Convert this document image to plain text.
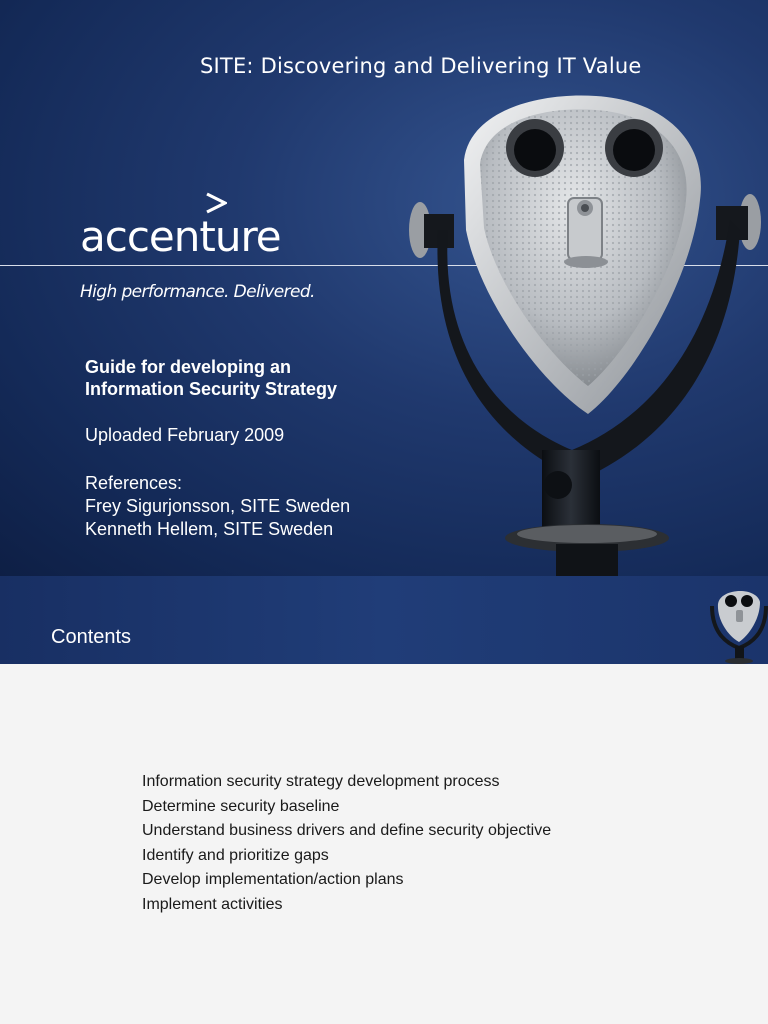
SITE: Discovering and Delivering IT Value
accenture
High performance. Delivered.
Guide for developing an
Information Security Strategy
Uploaded February 2009
References:
Frey Sigurjonsson, SITE Sweden
Kenneth Hellem, SITE Sweden
Contents
Information security strategy development process
Determine security baseline
Understand business drivers and define security objective
Identify and prioritize gaps
Develop implementation/action plans
Implement activities
